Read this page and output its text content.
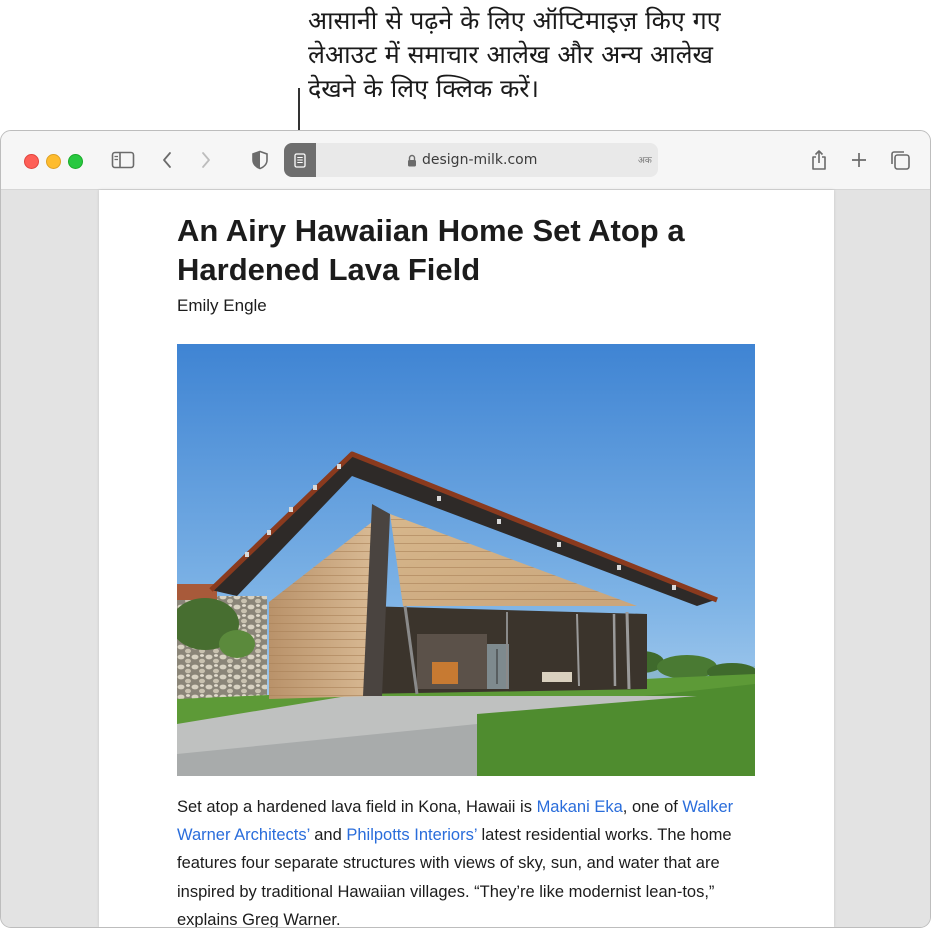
आसानी से पढ़ने के लिए ऑप्टिमाइज़ किए गए लेआउट में समाचार आलेख और अन्य आलेख देखने के लिए क्लिक करें।
design-milk.com	अक
An Airy Hawaiian Home Set Atop a Hardened Lava Field
Emily Engle
Set atop a hardened lava field in Kona, Hawaii is Makani Eka, one of Walker Warner Architects’ and Philpotts Interiors’ latest residential works. The home features four separate structures with views of sky, sun, and water that are inspired by traditional Hawaiian villages. “They’re like modernist lean-tos,” explains Greg Warner.
